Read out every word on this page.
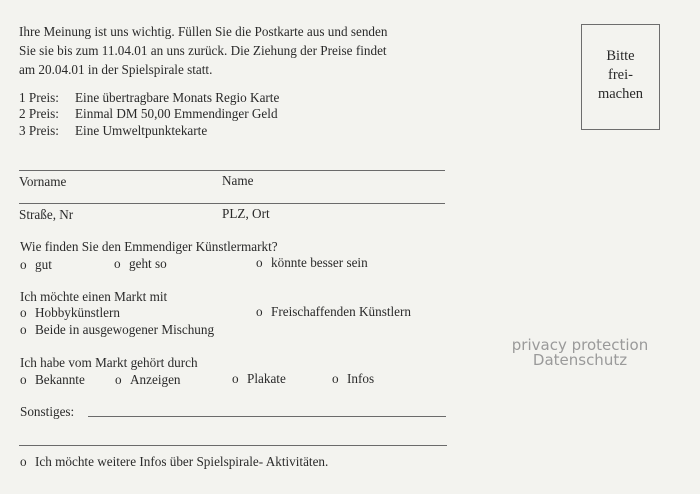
Ihre Meinung ist uns wichtig. Füllen Sie die Postkarte aus und senden
Sie sie bis zum 11.04.01 an uns zurück. Die Ziehung der Preise findet
am 20.04.01 in der Spielspirale statt.
1 Preis: Eine übertragbare Monats Regio Karte
2 Preis: Einmal DM 50,00 Emmendinger Geld
3 Preis: Eine Umweltpunktekarte
Vorname	Name
Straße, Nr	PLZ, Ort
Wie finden Sie den Emmendiger Künstlermarkt?
o gut	o geht so	o könnte besser sein
Ich möchte einen Markt mit
o Hobbykünstlern	o Freischaffenden Künstlern
o Beide in ausgewogener Mischung
Ich habe vom Markt gehört durch
o Bekannte	o Anzeigen	o Plakate	o Infos
Sonstiges:
o Ich möchte weitere Infos über Spielspirale- Aktivitäten.
Bitte
frei-
machen
privacy protection
Datenschutz
